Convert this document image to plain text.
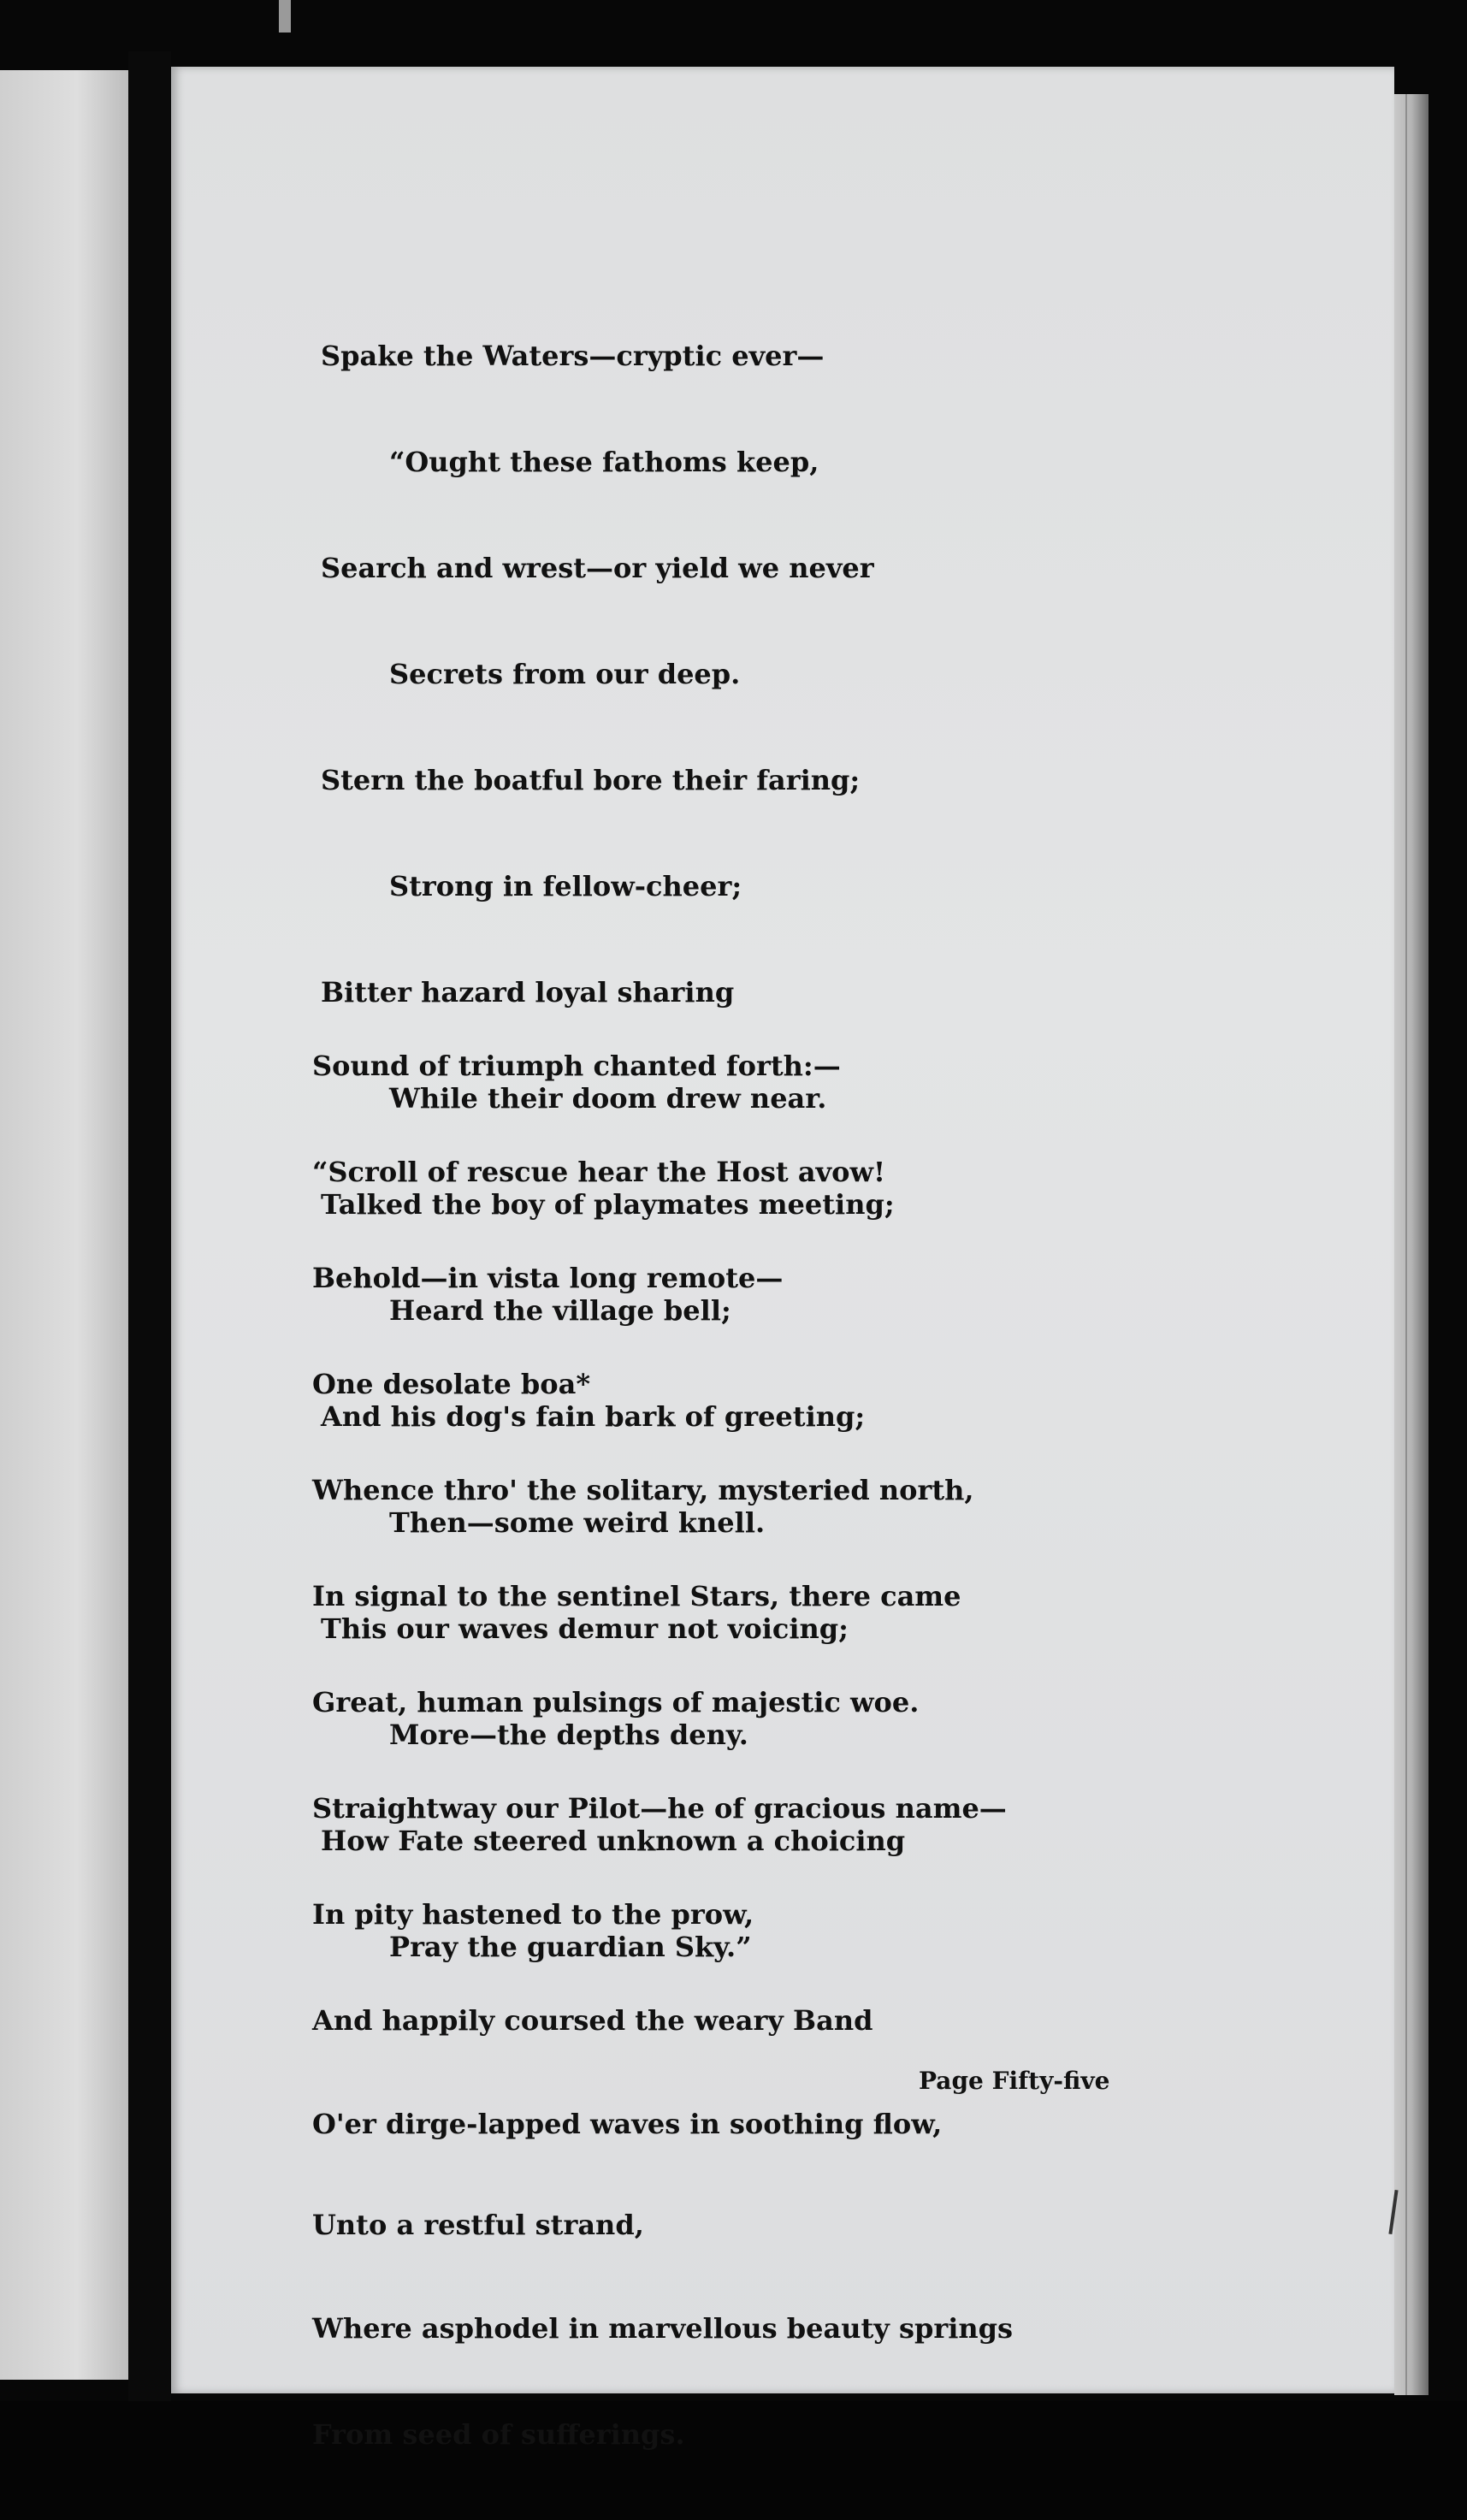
Spake the Waters—cryptic ever—

“Ought these fathoms keep,

Search and wrest—or yield we never

Secrets from our deep.

Stern the boatful bore their faring;

Strong in fellow-cheer;

Bitter hazard loyal sharing

While their doom drew near.

Talked the boy of playmates meeting;

Heard the village bell;

And his dog's fain bark of greeting;

Then—some weird knell.

This our waves demur not voicing;

More—the depths deny.

How Fate steered unknown a choicing

Pray the guardian Sky.”

Sound of triumph chanted forth:—

“Scroll of rescue hear the Host avow!

Behold—in vista long remote—

One desolate boa*

Whence thro' the solitary, mysteried north,

In signal to the sentinel Stars, there came

Great, human pulsings of majestic woe.

Straightway our Pilot—he of gracious name—

In pity hastened to the prow,

And happily coursed the weary Band

O'er dirge-lapped waves in soothing flow,

Unto a restful strand,

Where asphodel in marvellous beauty springs

From seed of sufferings.

Page Fifty-five
